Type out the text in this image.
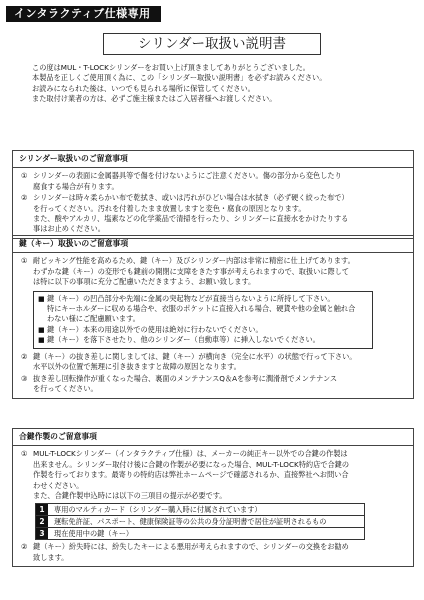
インタラクティブ仕様専用
シリンダー取扱い説明書

この度はMUL・T-LOCKシリンダーをお買い上げ頂きましてありがとうございました。

本製品を正しくご使用頂く為に、この「シリンダー取扱い説明書」を必ずお読みください。

お読みになられた後は、いつでも見られる場所に保管してください。

また取付け業者の方は、必ずご施主様またはご入居者様へお渡しください。

シリンダー取扱いのご留意事項
① シリンダーの表面に金属器具等で傷を付けないようにご注意ください。傷の部分から変色したり
腐食する場合が有ります。
② シリンダーは時々柔らかい布で乾拭き、或いは汚れがひどい場合は水拭き（必ず硬く絞った布で）
を行ってください。汚れを付着したまま放置しますと変色・腐食の原因となります。
また、酸やアルカリ、塩素などの化学薬品で清掃を行ったり、シリンダーに直接水をかけたりする
事はお止めください。
鍵（キー）取扱いのご留意事項
① 耐ピッキング性能を高めるため、鍵（キー）及びシリンダー内部は非常に精密に仕上げてあります。
わずかな鍵（キー）の変形でも鍵前の開閉に支障をきたす事が考えられますので、取扱いに際して
は特に以下の事項に充分ご配慮いただきますよう、お願い致します。
■ 鍵（キー）の凹凸部分や先端に金属の突起物などが直接当らないように所持して下さい。
特にキーホルダーに収める場合や、衣服のポケットに直接入れる場合、硬貨や他の金属と触れ合
わない様にご配慮願います。
■ 鍵（キー）本来の用途以外での使用は絶対に行わないでください。
■ 鍵（キー）を落下させたり、他のシリンダー（自動車等）に挿入しないでください。
② 鍵（キー）の抜き差しに関しましては、鍵（キー）が横向き（完全に水平）の状態で行って下さい。
水平以外の位置で無理に引き抜きますと故障の原因となります。
③ 抜き差し回転操作が重くなった場合、裏面のメンテナンスQ＆Aを参考に潤滑剤でメンテナンス
を行ってください。
合鍵作製のご留意事項
① MUL-T-LOCKシリンダー（インタラクティブ仕様）は、メーカーの純正キー以外での合鍵の作製は
出来ません。シリンダー取付け後に合鍵の作製が必要になった場合、MUL-T-LOCK特約店で合鍵の
作製を行っております。最寄りの特約店は弊社ホームページで確認されるか、直接弊社へお問い合
わせください。
また、合鍵作製申込時には以下の三項目の提示が必要です。
1	専用のマルティカード（シリンダー購入時に付属されています）
2	運転免許証、パスポート、健康保険証等の公共の身分証明書で居住が証明されるもの
3	現在使用中の鍵（キー）
② 鍵（キー）紛失時には、紛失したキーによる悪用が考えられますので、シリンダーの交換をお勧め
致します。
